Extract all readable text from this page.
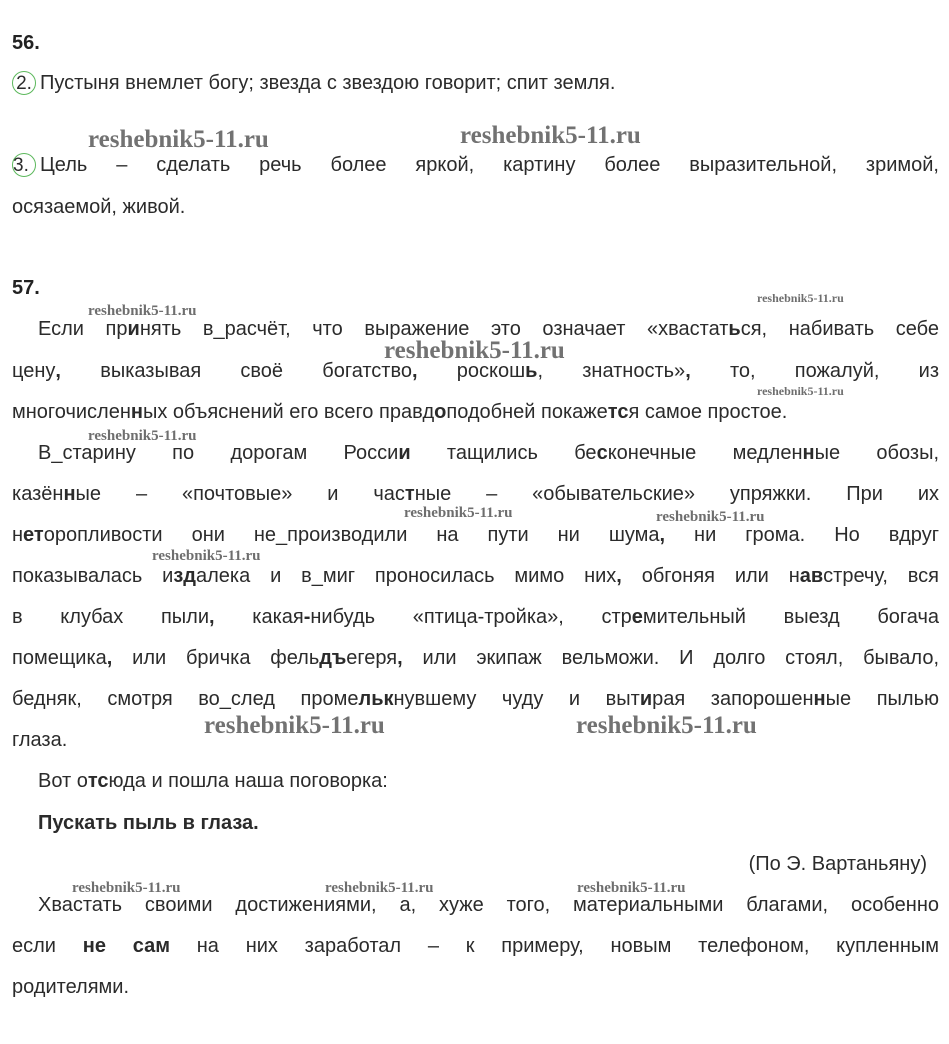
56.
2. Пустыня внемлет богу; звезда с звездою говорит; спит земля.
3. Цель – сделать речь более яркой, картину более выразительной, зримой,
осязаемой, живой.
57.
Если принять в_расчёт, что выражение это означает «хвастаться, набивать себе
цену, выказывая своё богатство, роскошь, знатность», то, пожалуй, из
многочисленных объяснений его всего правдоподобней покажется самое простое.
В_старину по дорогам России тащились бесконечные медленные обозы,
казённые – «почтовые» и частные – «обывательские» упряжки. При их
неторопливости они не_производили на пути ни шума, ни грома. Но вдруг
показывалась издалека и в_миг проносилась мимо них, обгоняя или навстречу, вся
в клубах пыли, какая-нибудь «птица-тройка», стремительный выезд богача
помещика, или бричка фельдъегеря, или экипаж вельможи. И долго стоял, бывало,
бедняк, смотря во_след промелькнувшему чуду и вытирая запорошенные пылью
глаза.
Вот отсюда и пошла наша поговорка:
Пускать пыль в глаза.
(По Э. Вартаньяну)
Хвастать своими достижениями, а, хуже того, материальными благами, особенно
если не сам на них заработал – к примеру, новым телефоном, купленным
родителями.
reshebnik5-11.ru	reshebnik5-11.ru
reshebnik5-11.ru
reshebnik5-11.ru
reshebnik5-11.ru
reshebnik5-11.ru
reshebnik5-11.ru
reshebnik5-11.ru	reshebnik5-11.ru
reshebnik5-11.ru
reshebnik5-11.ru	reshebnik5-11.ru
reshebnik5-11.ru	reshebnik5-11.ru	reshebnik5-11.ru
